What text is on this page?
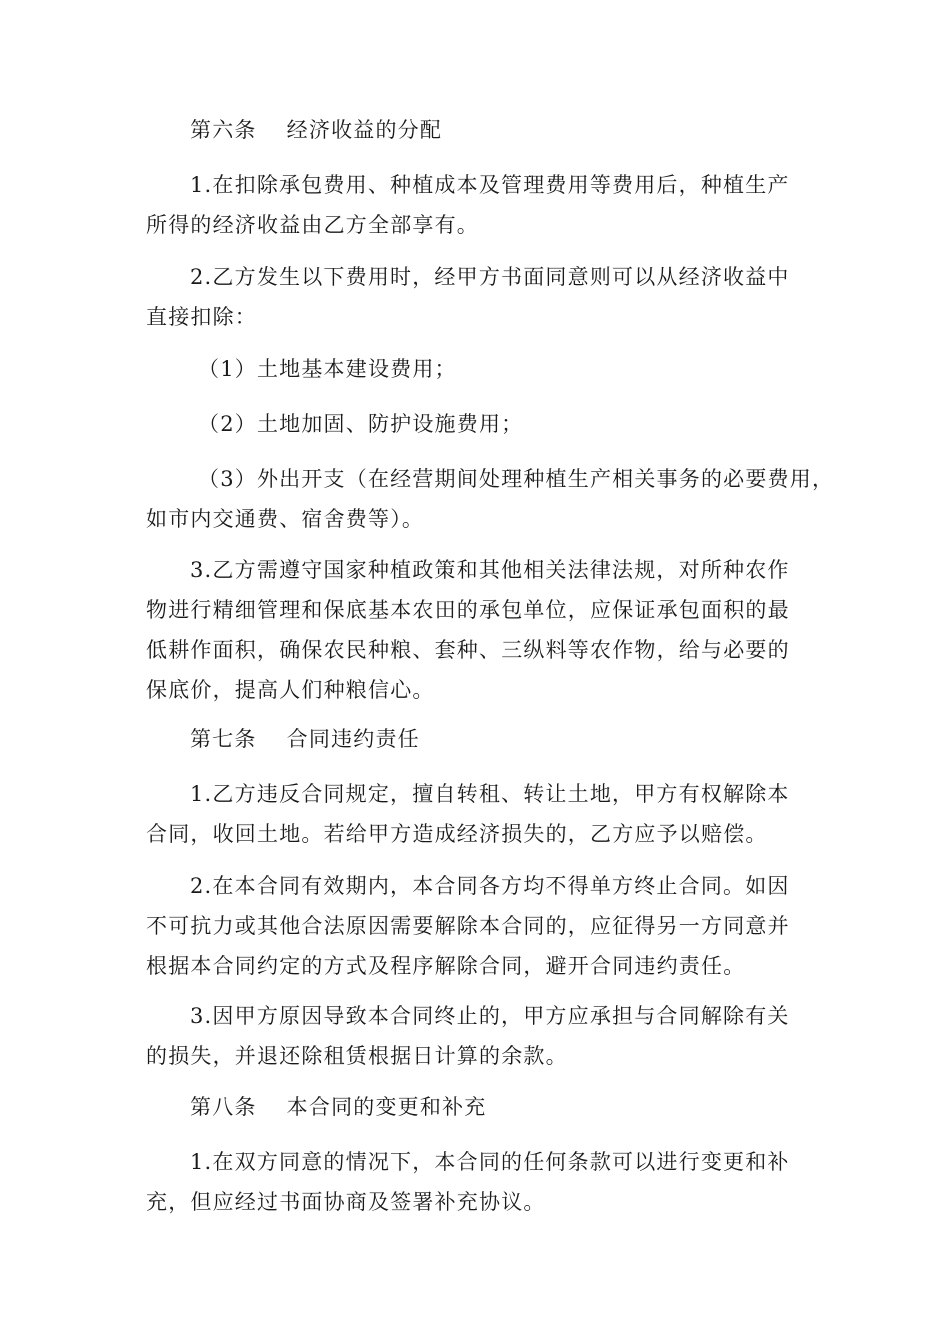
第六条　 经济收益的分配
1.在扣除承包费用、种植成本及管理费用等费用后，种植生产
所得的经济收益由乙方全部享有。
2.乙方发生以下费用时，经甲方书面同意则可以从经济收益中
直接扣除：
（1）土地基本建设费用；
（2）土地加固、防护设施费用；
（3）外出开支（在经营期间处理种植生产相关事务的必要费用，
如市内交通费、宿舍费等）。
3.乙方需遵守国家种植政策和其他相关法律法规，对所种农作
物进行精细管理和保底基本农田的承包单位，应保证承包面积的最
低耕作面积，确保农民种粮、套种、三纵料等农作物，给与必要的
保底价，提高人们种粮信心。
第七条　 合同违约责任
1.乙方违反合同规定，擅自转租、转让土地，甲方有权解除本
合同，收回土地。若给甲方造成经济损失的，乙方应予以赔偿。
2.在本合同有效期内，本合同各方均不得单方终止合同。如因
不可抗力或其他合法原因需要解除本合同的，应征得另一方同意并
根据本合同约定的方式及程序解除合同，避开合同违约责任。
3.因甲方原因导致本合同终止的，甲方应承担与合同解除有关
的损失，并退还除租赁根据日计算的余款。
第八条　 本合同的变更和补充
1.在双方同意的情况下，本合同的任何条款可以进行变更和补
充，但应经过书面协商及签署补充协议。
